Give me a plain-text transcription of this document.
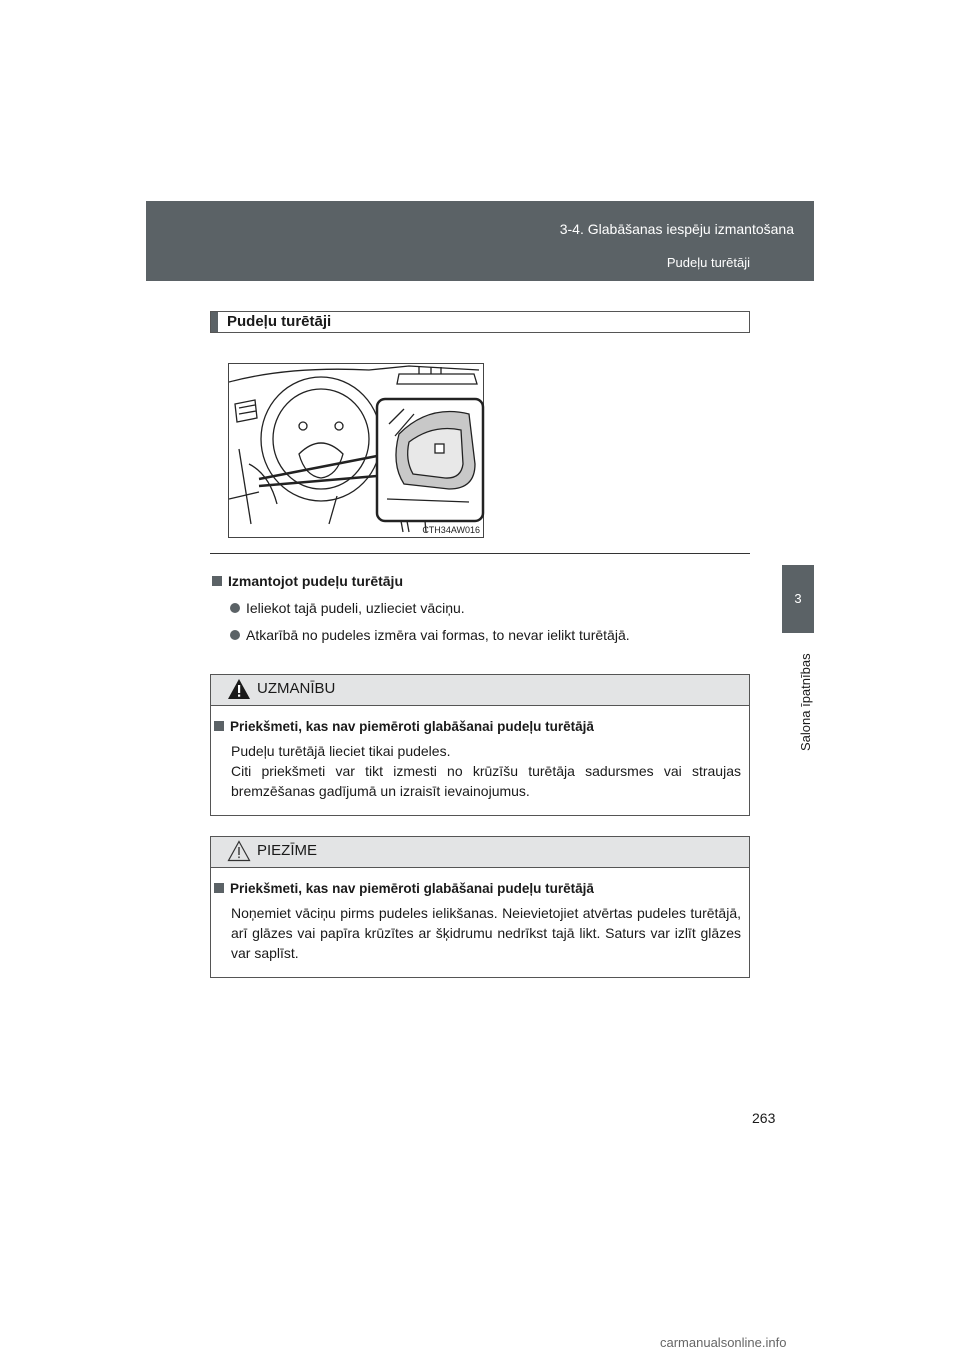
3-4. Glabāšanas iespēju izmantošana
Pudeļu turētāji
3
Salona īpatnības
Pudeļu turētāji
CTH34AW016
Izmantojot pudeļu turētāju
Ieliekot tajā pudeli, uzlieciet vāciņu.
Atkarībā no pudeles izmēra vai formas, to nevar ielikt turētājā.
UZMANĪBU
Priekšmeti, kas nav piemēroti glabāšanai pudeļu turētājā
Pudeļu turētājā lieciet tikai pudeles.
Citi priekšmeti var tikt izmesti no krūzīšu turētāja sadursmes vai straujas bremzēšanas gadījumā un izraisīt ievainojumus.
PIEZĪME
Priekšmeti, kas nav piemēroti glabāšanai pudeļu turētājā
Noņemiet vāciņu pirms pudeles ielikšanas. Neievietojiet atvērtas pudeles turētājā, arī glāzes vai papīra krūzītes ar šķidrumu nedrīkst tajā likt. Saturs var izlīt glāzes var saplīst.
263
carmanualsonline.info
